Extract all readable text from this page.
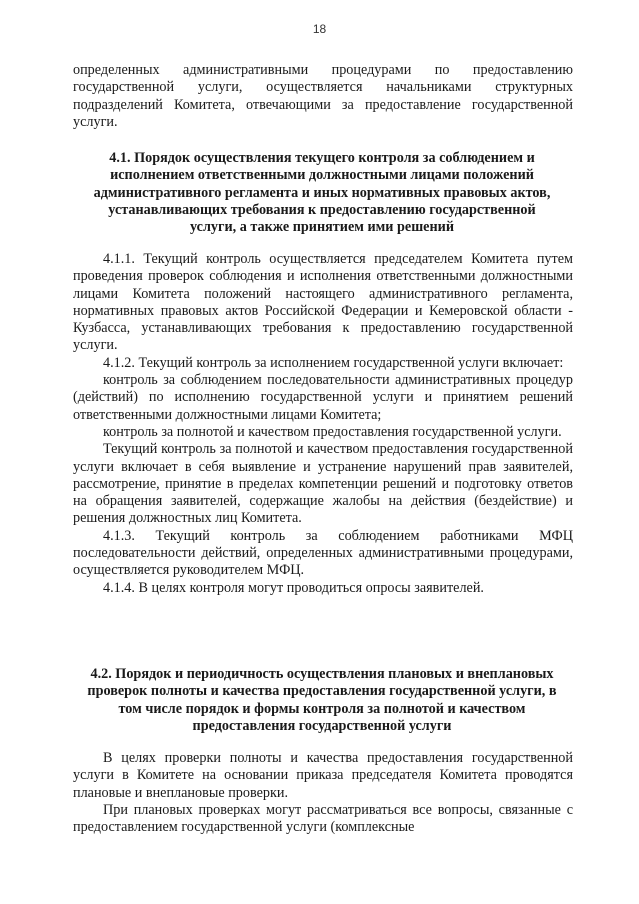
18

определенных административными процедурами по предоставлению государственной услуги, осуществляется начальниками структурных подразделений Комитета, отвечающими за предоставление государственной услуги.

4.1. Порядок осуществления текущего контроля за соблюдением и исполнением ответственными должностными лицами положений административного регламента и иных нормативных правовых актов, устанавливающих требования к предоставлению государственной услуги, а также принятием ими решений

4.1.1. Текущий контроль осуществляется председателем Комитета путем проведения проверок соблюдения и исполнения ответственными должностными лицами Комитета положений настоящего административного регламента, нормативных правовых актов Российской Федерации и Кемеровской области - Кузбасса, устанавливающих требования к предоставлению государственной услуги.

4.1.2. Текущий контроль за исполнением государственной услуги включает:

контроль за соблюдением последовательности административных процедур (действий) по исполнению государственной услуги и принятием решений ответственными должностными лицами Комитета;

контроль за полнотой и качеством предоставления государственной услуги.

Текущий контроль за полнотой и качеством предоставления государственной услуги включает в себя выявление и устранение нарушений прав заявителей, рассмотрение, принятие в пределах компетенции решений и подготовку ответов на обращения заявителей, содержащие жалобы на действия (бездействие) и решения должностных лиц Комитета.

4.1.3. Текущий контроль за соблюдением работниками МФЦ последовательности действий, определенных административными процедурами, осуществляется руководителем МФЦ.

4.1.4. В целях контроля могут проводиться опросы заявителей.

4.2. Порядок и периодичность осуществления плановых и внеплановых проверок полноты и качества предоставления государственной услуги, в том числе порядок и формы контроля за полнотой и качеством предоставления государственной услуги

В целях проверки полноты и качества предоставления государственной услуги в Комитете на основании приказа председателя Комитета проводятся плановые и внеплановые проверки.

При плановых проверках могут рассматриваться все вопросы, связанные с предоставлением государственной услуги (комплексные
